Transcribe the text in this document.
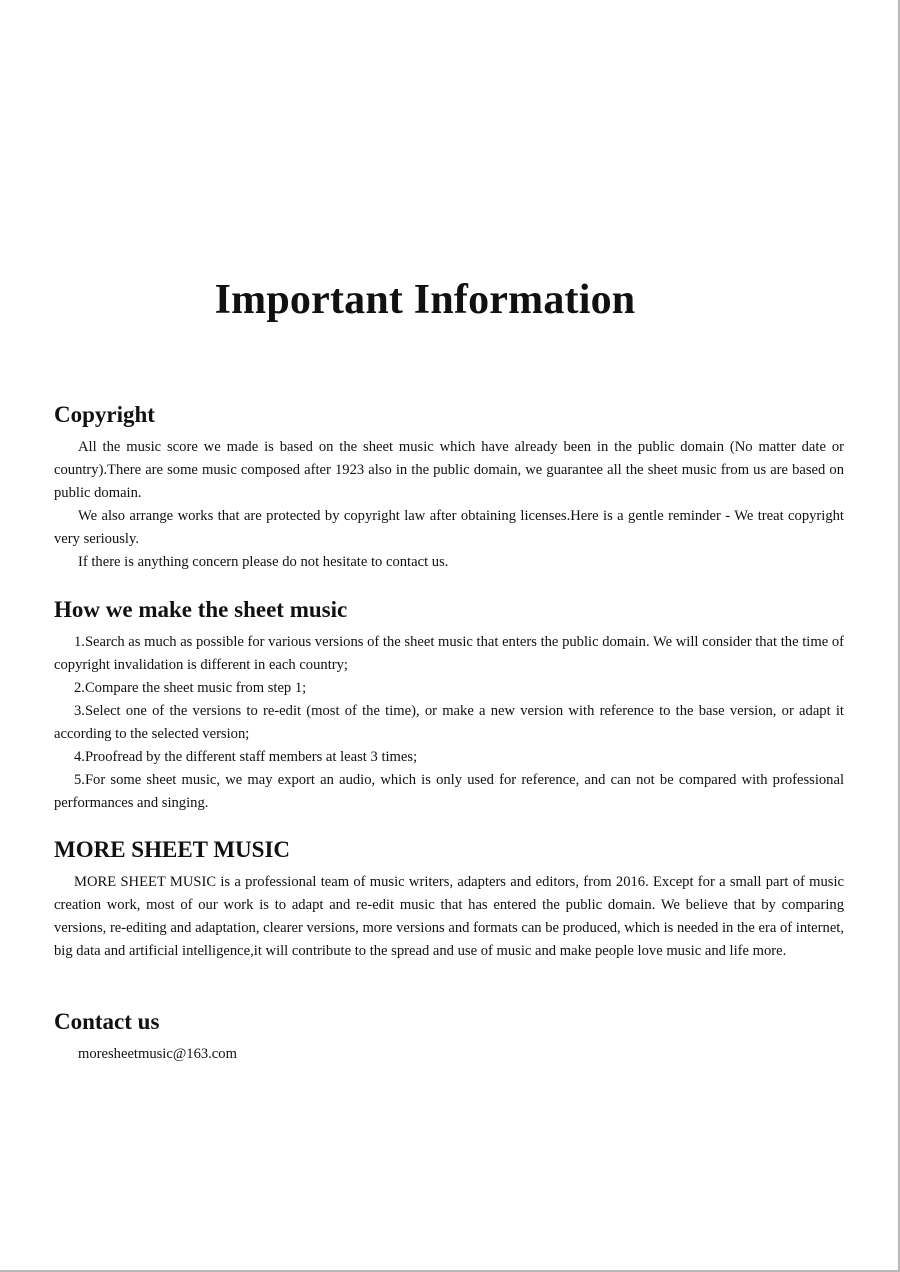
Important Information
Copyright

All the music score we made is based on the sheet music which have already been in the public domain (No matter date or country).There are some music composed after 1923 also in the public domain, we guarantee all the sheet music from us are based on public domain.

We also arrange works that are protected by copyright law after obtaining licenses.Here is a gentle reminder - We treat copyright very seriously.

If there is anything concern please do not hesitate to contact us.

How we make the sheet music

1.Search as much as possible for various versions of the sheet music that enters the public domain. We will consider that the time of copyright invalidation is different in each country;

2.Compare the sheet music from step 1;

3.Select one of the versions to re-edit (most of the time), or make a new version with reference to the base version, or adapt it according to the selected version;

4.Proofread by the different staff members at least 3 times;

5.For some sheet music, we may export an audio, which is only used for reference, and can not be compared with professional performances and singing.

MORE SHEET MUSIC

MORE SHEET MUSIC is a professional team of music writers, adapters and editors, from 2016. Except for a small part of music creation work, most of our work is to adapt and re-edit music that has entered the public domain. We believe that by comparing versions, re-editing and adaptation, clearer versions, more versions and formats can be produced, which is needed in the era of internet, big data and artificial intelligence,it will contribute to the spread and use of music and make people love music and life more.

Contact us
moresheetmusic@163.com
